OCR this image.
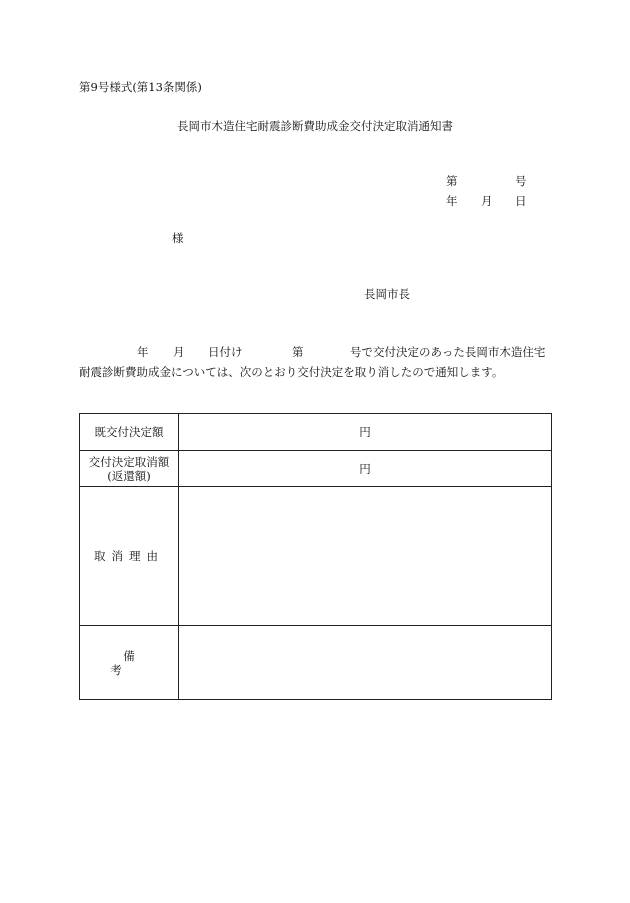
第9号様式(第13条関係)
長岡市木造住宅耐震診断費助成金交付決定取消通知書
第	号
年 月 日
様
長岡市長
年 月 日付け	第	号で交付決定のあった長岡市木造住宅
耐震診断費助成金については、次のとおり交付決定を取り消したので通知します。
既交付決定額	円

交付決定取消額
(返還額)	円
取消理由	
備考	
